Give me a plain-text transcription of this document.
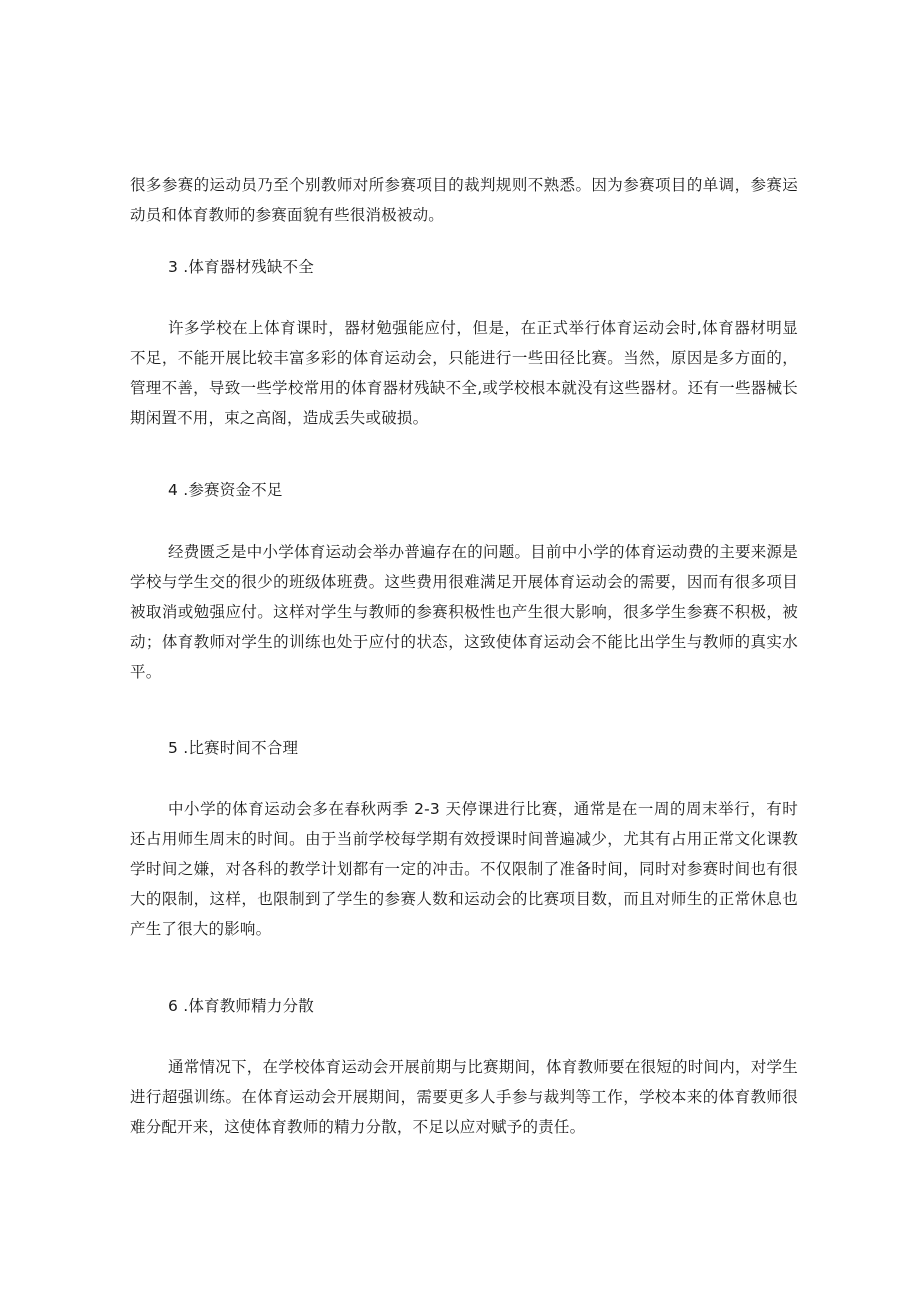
很多参赛的运动员乃至个别教师对所参赛项目的裁判规则不熟悉。因为参赛项目的单调，参赛运动员和体育教师的参赛面貌有些很消极被动。

3 .体育器材残缺不全

许多学校在上体育课时，器材勉强能应付，但是，在正式举行体育运动会时,体育器材明显不足，不能开展比较丰富多彩的体育运动会，只能进行一些田径比赛。当然，原因是多方面的，管理不善，导致一些学校常用的体育器材残缺不全,或学校根本就没有这些器材。还有一些器械长期闲置不用，束之高阁，造成丢失或破损。

4 .参赛资金不足

经费匮乏是中小学体育运动会举办普遍存在的问题。目前中小学的体育运动费的主要来源是学校与学生交的很少的班级体班费。这些费用很难满足开展体育运动会的需要，因而有很多项目被取消或勉强应付。这样对学生与教师的参赛积极性也产生很大影响，很多学生参赛不积极，被动；体育教师对学生的训练也处于应付的状态，这致使体育运动会不能比出学生与教师的真实水平。

5 .比赛时间不合理

中小学的体育运动会多在春秋两季 2-3 天停课进行比赛，通常是在一周的周末举行，有时还占用师生周末的时间。由于当前学校每学期有效授课时间普遍减少，尤其有占用正常文化课教学时间之嫌，对各科的教学计划都有一定的冲击。不仅限制了准备时间，同时对参赛时间也有很大的限制，这样，也限制到了学生的参赛人数和运动会的比赛项目数，而且对师生的正常休息也产生了很大的影响。

6 .体育教师精力分散

通常情况下，在学校体育运动会开展前期与比赛期间，体育教师要在很短的时间内，对学生进行超强训练。在体育运动会开展期间，需要更多人手参与裁判等工作，学校本来的体育教师很难分配开来，这使体育教师的精力分散，不足以应对赋予的责任。
